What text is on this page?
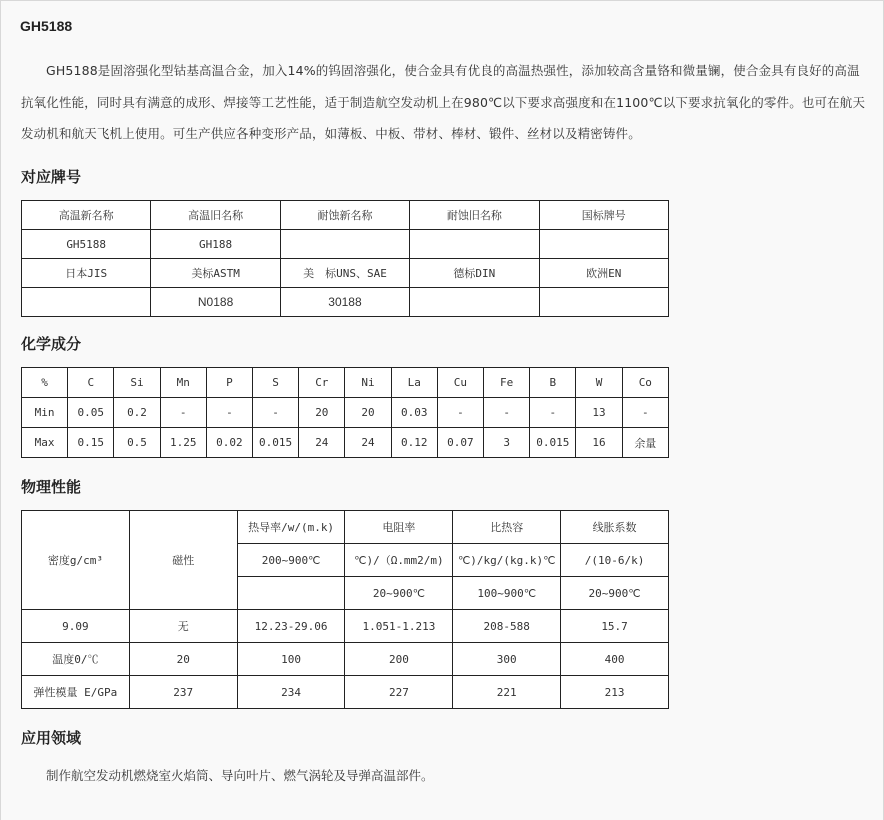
GH5188

GH5188是固溶强化型钴基高温合金，加入14%的钨固溶强化，使合金具有优良的高温热强性，添加较高含量铬和微量镧，使合金具有良好的高温抗氧化性能，同时具有满意的成形、焊接等工艺性能，适于制造航空发动机上在980℃以下要求高强度和在1100℃以下要求抗氧化的零件。也可在航天发动机和航天飞机上使用。可生产供应各种变形产品，如薄板、中板、带材、棒材、锻件、丝材以及精密铸件。

对应牌号
高温新名称	高温旧名称	耐蚀新名称	耐蚀旧名称	国标牌号
GH5188	GH188			
日本JIS	美标ASTM	美　标UNS、SAE	德标DIN	欧洲EN
	N0188	30188		
化学成分
%	C	Si	Mn	P	S	Cr	Ni	La	Cu	Fe	B	W	Co
Min	0.05	0.2	-	-	-	20	20	0.03	-	-	-	13	-
Max	0.15	0.5	1.25	0.02	0.015	24	24	0.12	0.07	3	0.015	16	余量
物理性能
密度g/cm³	磁性	热导率/w/(m.k)	电阻率	比热容	线胀系数
		200~900℃	℃)/（Ω.mm2/m)	℃)/kg/(kg.k)℃	/(10-6/k)
			20~900℃	100~900℃	20~900℃
9.09	无	12.23-29.06	1.051-1.213	208-588	15.7
温度0/℃	20	100	200	300	400
弹性模量 E/GPa	237	234	227	221	213
应用领域
制作航空发动机燃烧室火焰筒、导向叶片、燃气涡轮及导弹高温部件。
